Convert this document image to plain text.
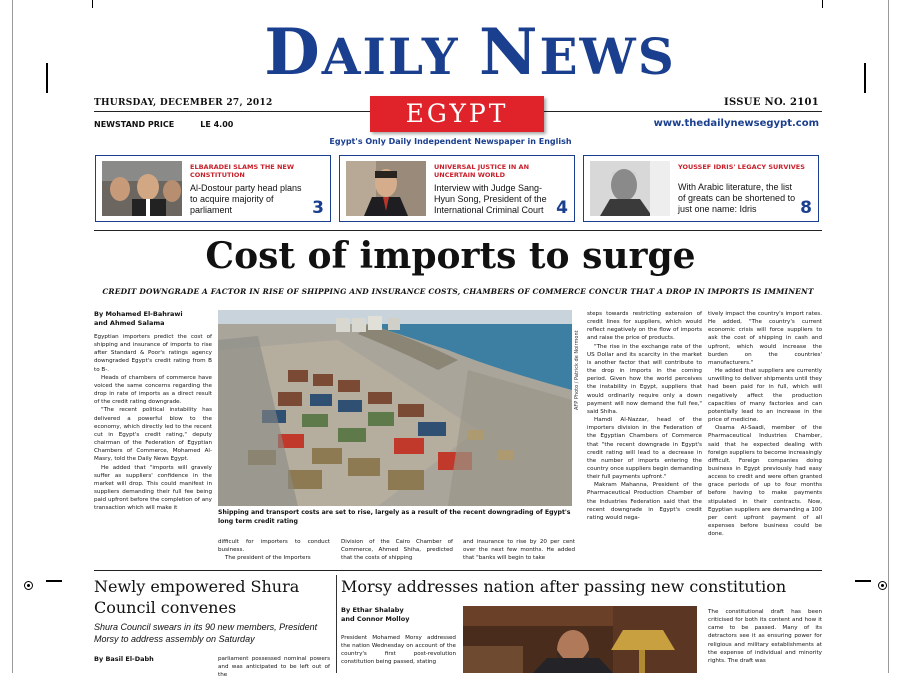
DAILY NEWS
THURSDAY, DECEMBER 27, 2012	ISSUE NO. 2101
EGYPT
NEWSTAND PRICE	LE 4.00	www.thedailynewsegypt.com
Egypt's Only Daily Independent Newspaper in English
ELBARADEI SLAMS THE NEW CONSTITUTION
Al-Dostour party head plans to acquire majority of parliament	3
UNIVERSAL JUSTICE IN AN UNCERTAIN WORLD
Interview with Judge Sang-Hyun Song, President of the International Criminal Court 4
YOUSSEF IDRIS' LEGACY SURVIVES
With Arabic literature, the list of greats can be shortened to just one name: Idris	8
Cost of imports to surge
CREDIT DOWNGRADE A FACTOR IN RISE OF SHIPPING AND INSURANCE COSTS, CHAMBERS OF COMMERCE CONCUR THAT A DROP IN IMPORTS IS IMMINENT
By Mohamed El-Bahrawi
and Ahmed Salama

Egyptian importers predict the cost of shipping and insurance of imports to rise after Standard & Poor's ratings agency downgraded Egypt's credit rating from B to B-.

Heads of chambers of commerce have voiced the same concerns regarding the drop in rate of imports as a direct result of the credit rating downgrade.

"The recent political instability has delivered a powerful blow to the economy, which directly led to the recent cut in Egypt's credit rating," deputy chairman of the Federation of Egyptian Chambers of Commerce, Mohamed Al-Masry, told the Daily News Egypt.

He added that "imports will gravely suffer as suppliers' confidence in the market will drop. This could manifest in suppliers demanding their full fee being paid upfront before the completion of any transaction which will make it

AFP Photo / Patrick de Noirmont
Shipping and transport costs are set to rise, largely as a result of the recent downgrading of Egypt's long term credit rating

difficult for importers to conduct business.

The president of the Importers

Division of the Cairo Chamber of Commerce, Ahmed Shiha, predicted that the costs of shipping

and insurance to rise by 20 per cent over the next few months. He added that "banks will begin to take

steps towards restricting extension of credit lines for suppliers, which would reflect negatively on the flow of imports and raise the price of products.

"The rise in the exchange rate of the US Dollar and its scarcity in the market is another factor that will contribute to the drop in imports in the coming period. Given how the world perceives the instability in Egypt, suppliers that would ordinarily require only a down payment will now demand the full fee," said Shiha.

Hamdi Al-Nazzar, head of the importers division in the Federation of the Egyptian Chambers of Commerce that "the recent downgrade in Egypt's credit rating will lead to a decrease in the number of imports entering the country once suppliers begin demanding their full payments upfront."

Makram Mahanna, President of the Pharmaceutical Production Chamber of the Industries Federation said that the recent downgrade in Egypt's credit rating would nega-

tively impact the country's import rates. He added, "The country's current economic crisis will force suppliers to ask the cost of shipping in cash and upfront, which would increase the burden on the countries' manufacturers."

He added that suppliers are currently unwilling to deliver shipments until they had been paid for in full, which will negatively affect the production capacities of many factories and can potentially lead to an increase in the price of medicine.

Osama Al-Saadi, member of the Pharmaceutical Industries Chamber, said that he expected dealing with foreign suppliers to become increasingly difficult. Foreign companies doing business in Egypt previously had easy access to credit and were often granted grace periods of up to four months before having to make payments stipulated in their contracts. Now, Egyptian suppliers are demanding a 100 per cent upfront payment of all expenses before business could be done.

Newly empowered Shura Council convenes
Shura Council swears in its 90 new members, President Morsy to address assembly on Saturday
By Basil El-Dabh	parliament possessed nominal powers and was anticipated to be left out of the
Morsy addresses nation after passing new constitution
By Ethar Shalaby
and Connor Molloy
President Mohamed Morsy addressed the nation Wednesday on account of the country's first post-revolution constitution being passed, stating
The constitutional draft has been criticised for both its content and how it came to be passed. Many of its detractors see it as ensuring power for religious and military establishments at the expense of individual and minority rights. The draft was
